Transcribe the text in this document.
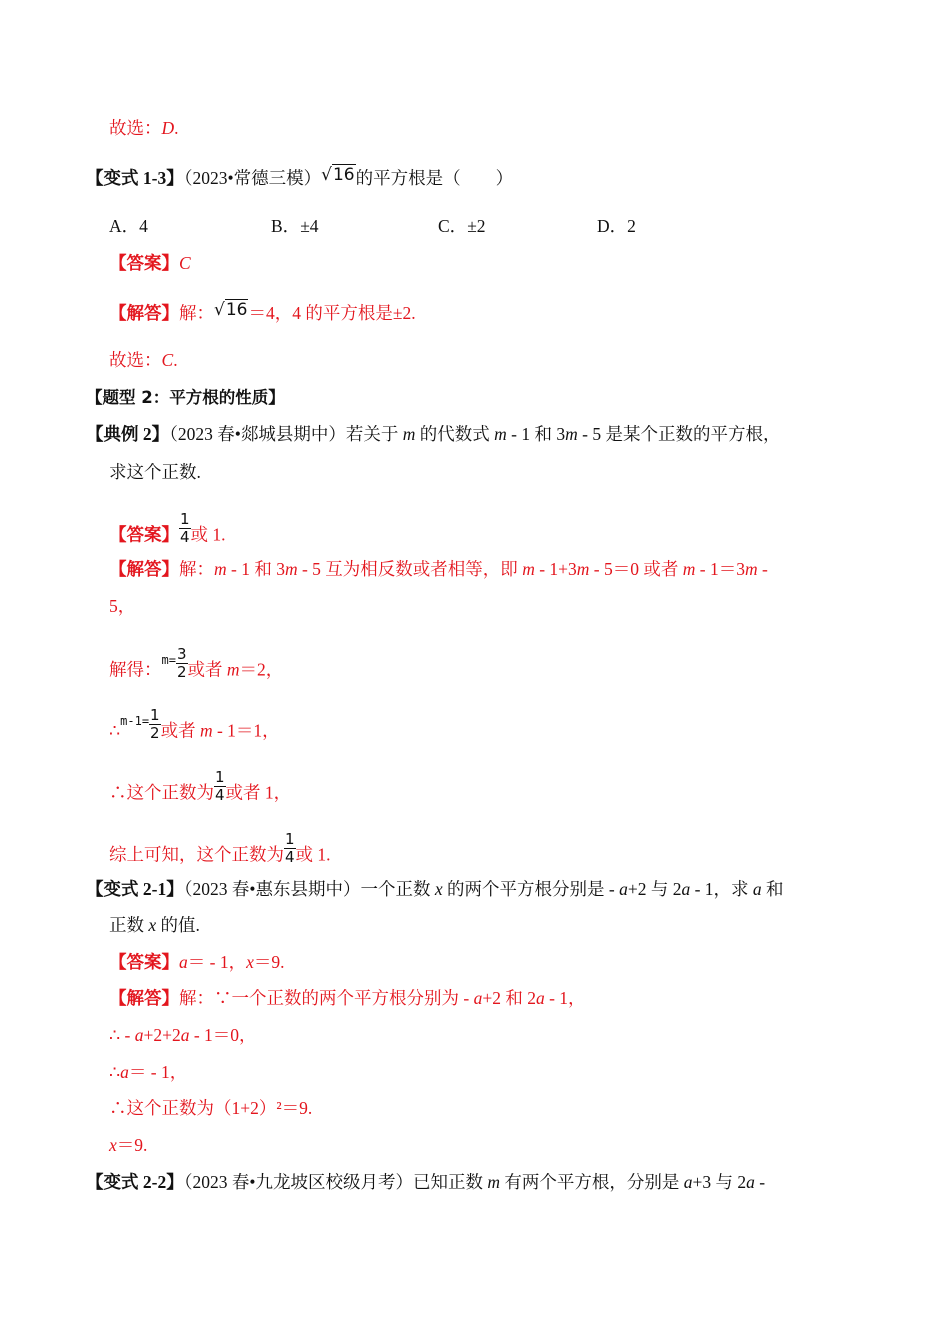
故选：D.
【变式 1-3】（2023•常德三模）√16的平方根是（　　）
A．4	B．±4	C．±2	D．2
【答案】C
【解答】解：√16＝4，4 的平方根是±2.
故选：C.
【题型 2：平方根的性质】
【典例 2】（2023 春•郯城县期中）若关于 m 的代数式 m - 1 和 3m - 5 是某个正数的平方根，
求这个正数.
【答案】 $\frac{1}{4}$ 或 1.
【解答】解：m - 1 和 3m - 5 互为相反数或者相等，即 m - 1+3m - 5＝0 或者 m - 1＝3m -
5，
解得：$^{m=} \frac{3}{2}$ 或者 m＝2，
∴$^{m-1=}$ $\frac{1}{2}$ 或者 m - 1＝1，
∴这个正数为 $\frac{1}{4}$ 或者 1，
综上可知，这个正数为 $\frac{1}{4}$ 或 1.
【变式 2-1】（2023 春•惠东县期中）一个正数 x 的两个平方根分别是 - a+2 与 2a - 1，求 a 和
正数 x 的值.
【答案】a＝ - 1，x＝9.
【解答】解：∵一个正数的两个平方根分别为 - a+2 和 2a - 1，
∴ - a+2+2a - 1＝0，
∴a＝ - 1，
∴这个正数为（1+2）²＝9.
x＝9.
【变式 2-2】（2023 春•九龙坡区校级月考）已知正数 m 有两个平方根，分别是 a+3 与 2a -
